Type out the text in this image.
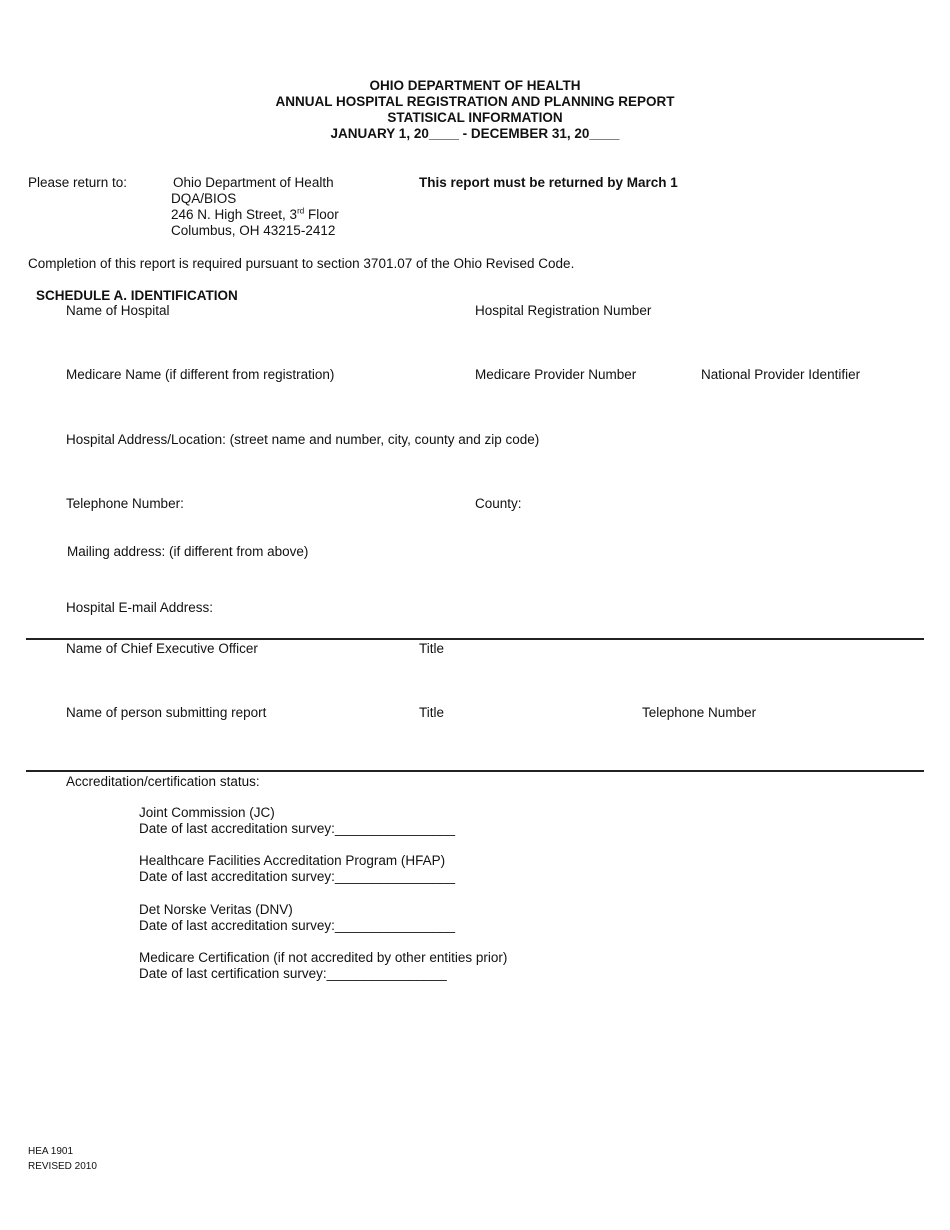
OHIO DEPARTMENT OF HEALTH
ANNUAL HOSPITAL REGISTRATION AND PLANNING REPORT
STATISICAL INFORMATION
JANUARY 1, 20____ - DECEMBER 31, 20____
Please return to:	Ohio Department of Health
DQA/BIOS
246 N. High Street, 3rd Floor
Columbus, OH 43215-2412
This report must be returned by March 1
Completion of this report is required pursuant to section 3701.07 of the Ohio Revised Code.
SCHEDULE A. IDENTIFICATION
Name of Hospital	Hospital Registration Number
Medicare Name (if different from registration)	Medicare Provider Number	National Provider Identifier
Hospital Address/Location: (street name and number, city, county and zip code)
Telephone Number:	County:
Mailing address: (if different from above)
Hospital E-mail Address:
Name of Chief Executive Officer	Title
Name of person submitting report	Title	Telephone Number
Accreditation/certification status:
Joint Commission (JC)
Date of last accreditation survey:________________
Healthcare Facilities Accreditation Program (HFAP)
Date of last accreditation survey:________________
Det Norske Veritas (DNV)
Date of last accreditation survey:________________
Medicare Certification (if not accredited by other entities prior)
Date of last certification survey:________________
HEA 1901
REVISED 2010
